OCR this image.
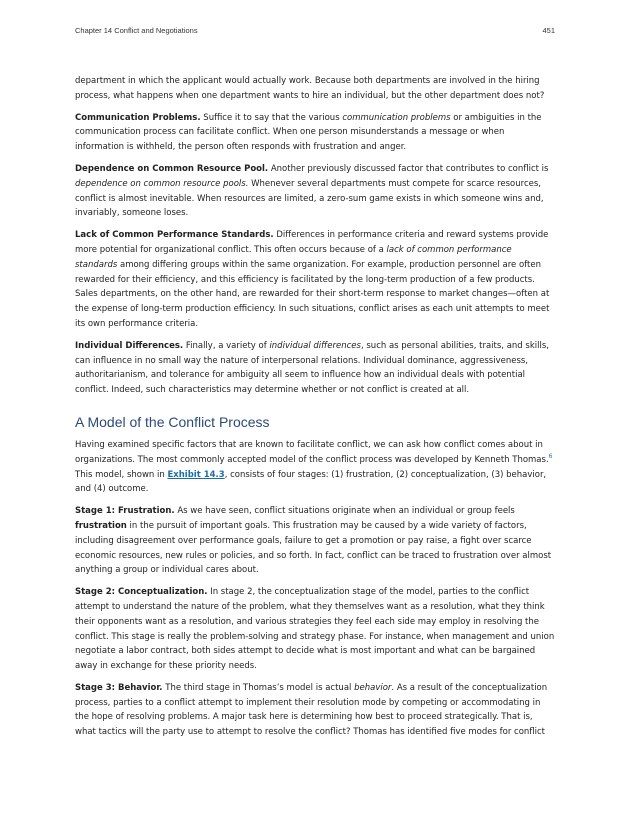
Chapter 14 Conflict and Negotiations	451

department in which the applicant would actually work. Because both departments are involved in the hiring process, what happens when one department wants to hire an individual, but the other department does not?

Communication Problems. Suffice it to say that the various communication problems or ambiguities in the communication process can facilitate conflict. When one person misunderstands a message or when information is withheld, the person often responds with frustration and anger.

Dependence on Common Resource Pool. Another previously discussed factor that contributes to conflict is dependence on common resource pools. Whenever several departments must compete for scarce resources, conflict is almost inevitable. When resources are limited, a zero-sum game exists in which someone wins and, invariably, someone loses.

Lack of Common Performance Standards. Differences in performance criteria and reward systems provide more potential for organizational conflict. This often occurs because of a lack of common performance standards among differing groups within the same organization. For example, production personnel are often rewarded for their efficiency, and this efficiency is facilitated by the long-term production of a few products. Sales departments, on the other hand, are rewarded for their short-term response to market changes—often at the expense of long-term production efficiency. In such situations, conflict arises as each unit attempts to meet its own performance criteria.

Individual Differences. Finally, a variety of individual differences, such as personal abilities, traits, and skills, can influence in no small way the nature of interpersonal relations. Individual dominance, aggressiveness, authoritarianism, and tolerance for ambiguity all seem to influence how an individual deals with potential conflict. Indeed, such characteristics may determine whether or not conflict is created at all.

A Model of the Conflict Process

Having examined specific factors that are known to facilitate conflict, we can ask how conflict comes about in organizations. The most commonly accepted model of the conflict process was developed by Kenneth Thomas.$^6$ This model, shown in Exhibit 14.3, consists of four stages: (1) frustration, (2) conceptualization, (3) behavior, and (4) outcome.

Stage 1: Frustration. As we have seen, conflict situations originate when an individual or group feels frustration in the pursuit of important goals. This frustration may be caused by a wide variety of factors, including disagreement over performance goals, failure to get a promotion or pay raise, a fight over scarce economic resources, new rules or policies, and so forth. In fact, conflict can be traced to frustration over almost anything a group or individual cares about.

Stage 2: Conceptualization. In stage 2, the conceptualization stage of the model, parties to the conflict attempt to understand the nature of the problem, what they themselves want as a resolution, what they think their opponents want as a resolution, and various strategies they feel each side may employ in resolving the conflict. This stage is really the problem-solving and strategy phase. For instance, when management and union negotiate a labor contract, both sides attempt to decide what is most important and what can be bargained away in exchange for these priority needs.

Stage 3: Behavior. The third stage in Thomas’s model is actual behavior. As a result of the conceptualization process, parties to a conflict attempt to implement their resolution mode by competing or accommodating in the hope of resolving problems. A major task here is determining how best to proceed strategically. That is, what tactics will the party use to attempt to resolve the conflict? Thomas has identified five modes for conflict
